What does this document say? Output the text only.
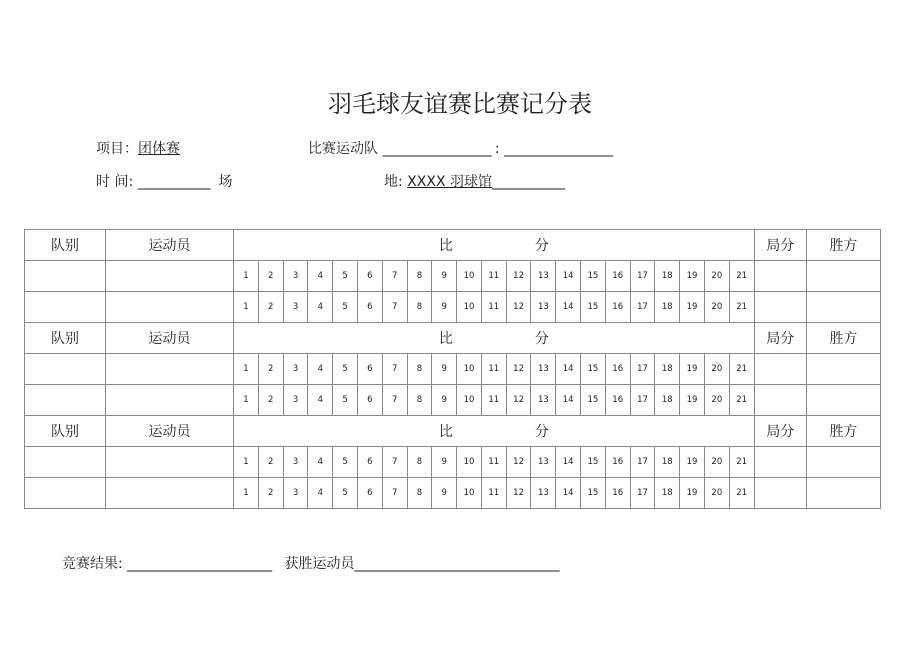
羽毛球友谊赛比赛记分表
项目：团体赛	比赛运动队 __________________ : __________________
时 间: ____________ 场	地: XXXX 羽球馆____________
队别	运动员	比 分																					局分	胜方
		1	2	3	4	5	6	7	8	9	10	11	12	13	14	15	16	17	18	19	20	21		
		1	2	3	4	5	6	7	8	9	10	11	12	13	14	15	16	17	18	19	20	21		
队别	运动员	比 分																					局分	胜方
		1	2	3	4	5	6	7	8	9	10	11	12	13	14	15	16	17	18	19	20	21		
		1	2	3	4	5	6	7	8	9	10	11	12	13	14	15	16	17	18	19	20	21		
队别	运动员	比 分																					局分	胜方
		1	2	3	4	5	6	7	8	9	10	11	12	13	14	15	16	17	18	19	20	21		
		1	2	3	4	5	6	7	8	9	10	11	12	13	14	15	16	17	18	19	20	21		
竞赛结果: ________________________ 获胜运动员__________________________________
